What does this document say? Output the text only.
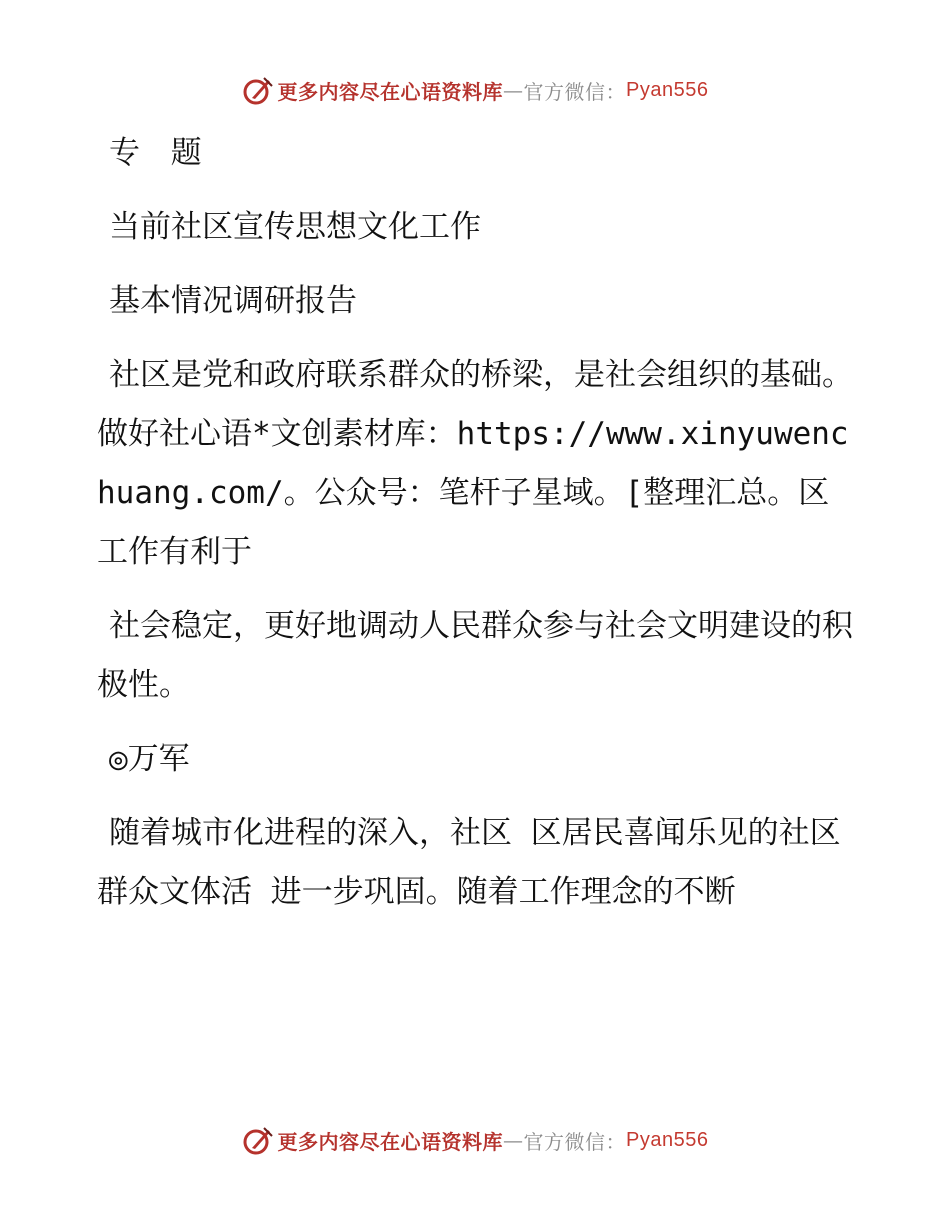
更多内容尽在心语资料库 — 官方微信： Pyan556

专 题

当前社区宣传思想文化工作

基本情况调研报告

社区是党和政府联系群众的桥梁，是社会组织的基础。做好社心语*文创素材库：https://www.xinyuwenchuang.com/。公众号：笔杆子星域。[整理汇总。区工作有利于

社会稳定，更好地调动人民群众参与社会文明建设的积极性。

◎万军

随着城市化进程的深入，社区 区居民喜闻乐见的社区群众文体活 进一步巩固。随着工作理念的不断

更多内容尽在心语资料库 — 官方微信： Pyan556
